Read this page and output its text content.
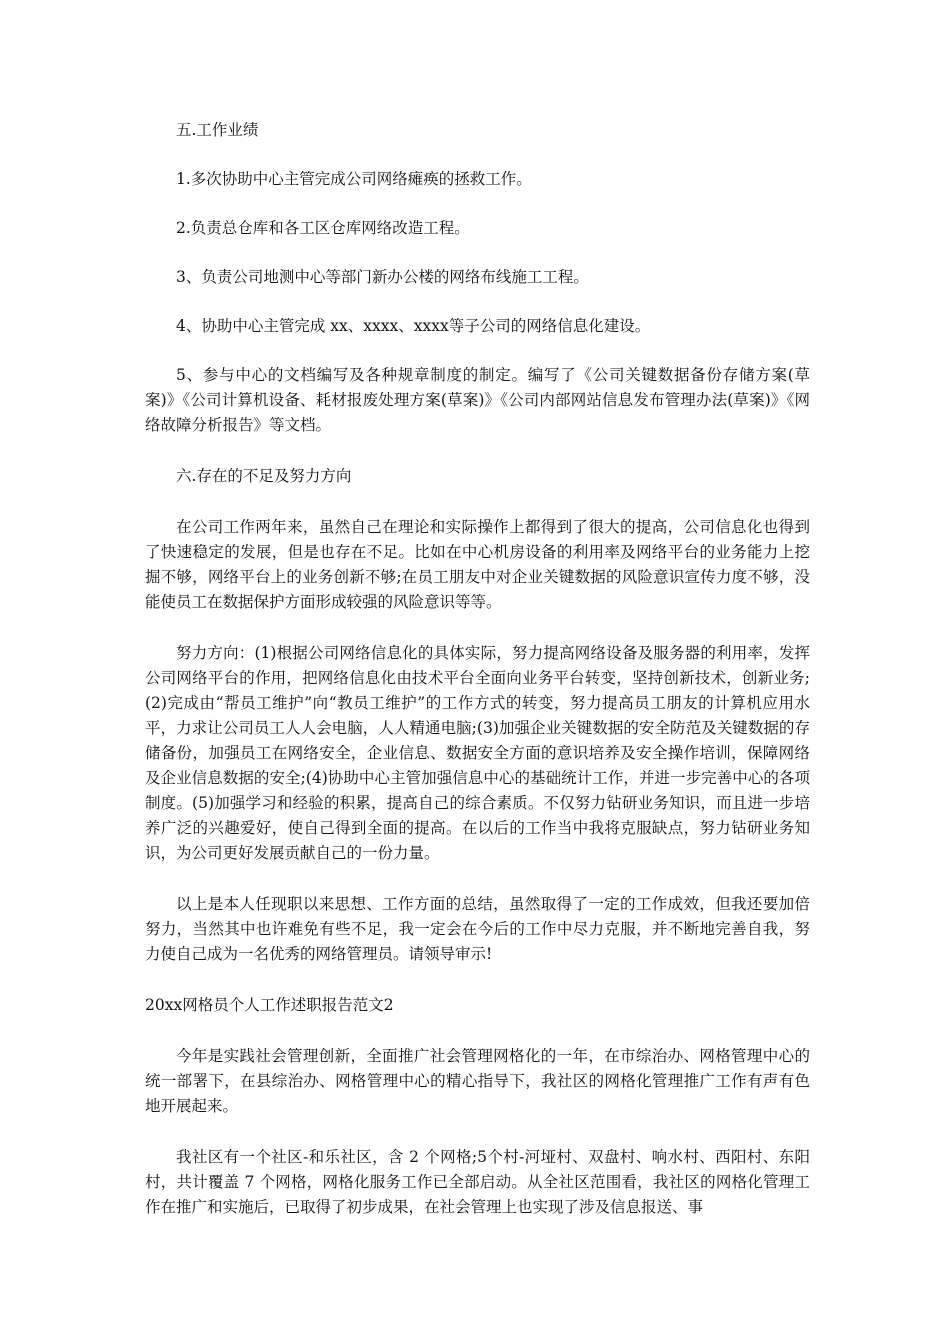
五.工作业绩

1.多次协助中心主管完成公司网络瘫痪的拯救工作。

2.负责总仓库和各工区仓库网络改造工程。

3、负责公司地测中心等部门新办公楼的网络布线施工工程。

4、协助中心主管完成 xx、xxxx、xxxx等子公司的网络信息化建设。

5、参与中心的文档编写及各种规章制度的制定。编写了《公司关键数据备份存储方案(草案)》《公司计算机设备、耗材报废处理方案(草案)》《公司内部网站信息发布管理办法(草案)》《网络故障分析报告》等文档。

六.存在的不足及努力方向

在公司工作两年来，虽然自己在理论和实际操作上都得到了很大的提高，公司信息化也得到了快速稳定的发展，但是也存在不足。比如在中心机房设备的利用率及网络平台的业务能力上挖掘不够，网络平台上的业务创新不够;在员工朋友中对企业关键数据的风险意识宣传力度不够，没能使员工在数据保护方面形成较强的风险意识等等。

努力方向：(1)根据公司网络信息化的具体实际，努力提高网络设备及服务器的利用率，发挥公司网络平台的作用，把网络信息化由技术平台全面向业务平台转变，坚持创新技术，创新业务;(2)完成由“帮员工维护”向“教员工维护”的工作方式的转变，努力提高员工朋友的计算机应用水平，力求让公司员工人人会电脑，人人精通电脑;(3)加强企业关键数据的安全防范及关键数据的存储备份，加强员工在网络安全，企业信息、数据安全方面的意识培养及安全操作培训，保障网络及企业信息数据的安全;(4)协助中心主管加强信息中心的基础统计工作，并进一步完善中心的各项制度。(5)加强学习和经验的积累，提高自己的综合素质。不仅努力钻研业务知识，而且进一步培养广泛的兴趣爱好，使自己得到全面的提高。在以后的工作当中我将克服缺点，努力钻研业务知识，为公司更好发展贡献自己的一份力量。

以上是本人任现职以来思想、工作方面的总结，虽然取得了一定的工作成效，但我还要加倍努力，当然其中也许难免有些不足，我一定会在今后的工作中尽力克服，并不断地完善自我，努力使自己成为一名优秀的网络管理员。请领导审示!

20xx网格员个人工作述职报告范文2

今年是实践社会管理创新，全面推广社会管理网格化的一年，在市综治办、网格管理中心的统一部署下，在县综治办、网格管理中心的精心指导下，我社区的网格化管理推广工作有声有色地开展起来。

我社区有一个社区-和乐社区，含 2 个网格;5个村-河垭村、双盘村、响水村、西阳村、东阳村，共计覆盖 7 个网格，网格化服务工作已全部启动。从全社区范围看，我社区的网格化管理工作在推广和实施后，已取得了初步成果，在社会管理上也实现了涉及信息报送、事
